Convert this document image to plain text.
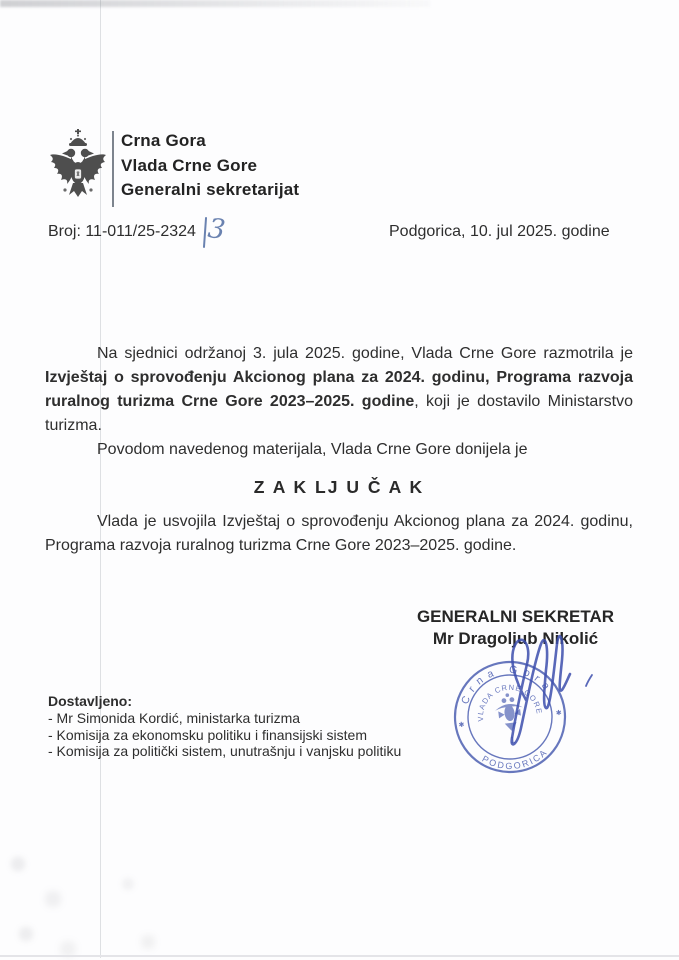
Crna Gora
Vlada Crne Gore
Generalni sekretarijat
Broj: 11-011/25-2324 3	Podgorica, 10. jul 2025. godine

Na sjednici održanoj 3. jula 2025. godine, Vlada Crne Gore razmotrila je Izvještaj o sprovođenju Akcionog plana za 2024. godinu, Programa razvoja ruralnog turizma Crne Gore 2023–2025. godine, koji je dostavilo Ministarstvo turizma.

Povodom navedenog materijala, Vlada Crne Gore donijela je

Z A K LJ U Č A K

Vlada je usvojila Izvještaj o sprovođenju Akcionog plana za 2024. godinu, Programa razvoja ruralnog turizma Crne Gore 2023–2025. godine.

GENERALNI SEKRETAR
Mr Dragoljub Nikolić
Crna Gora
PODGORICA
VLADA CRNE GORE
✱
✱
1
Dostavljeno:
- Mr Simonida Kordić, ministarka turizma
- Komisija za ekonomsku politiku i finansijski sistem
- Komisija za politički sistem, unutrašnju i vanjsku politiku
